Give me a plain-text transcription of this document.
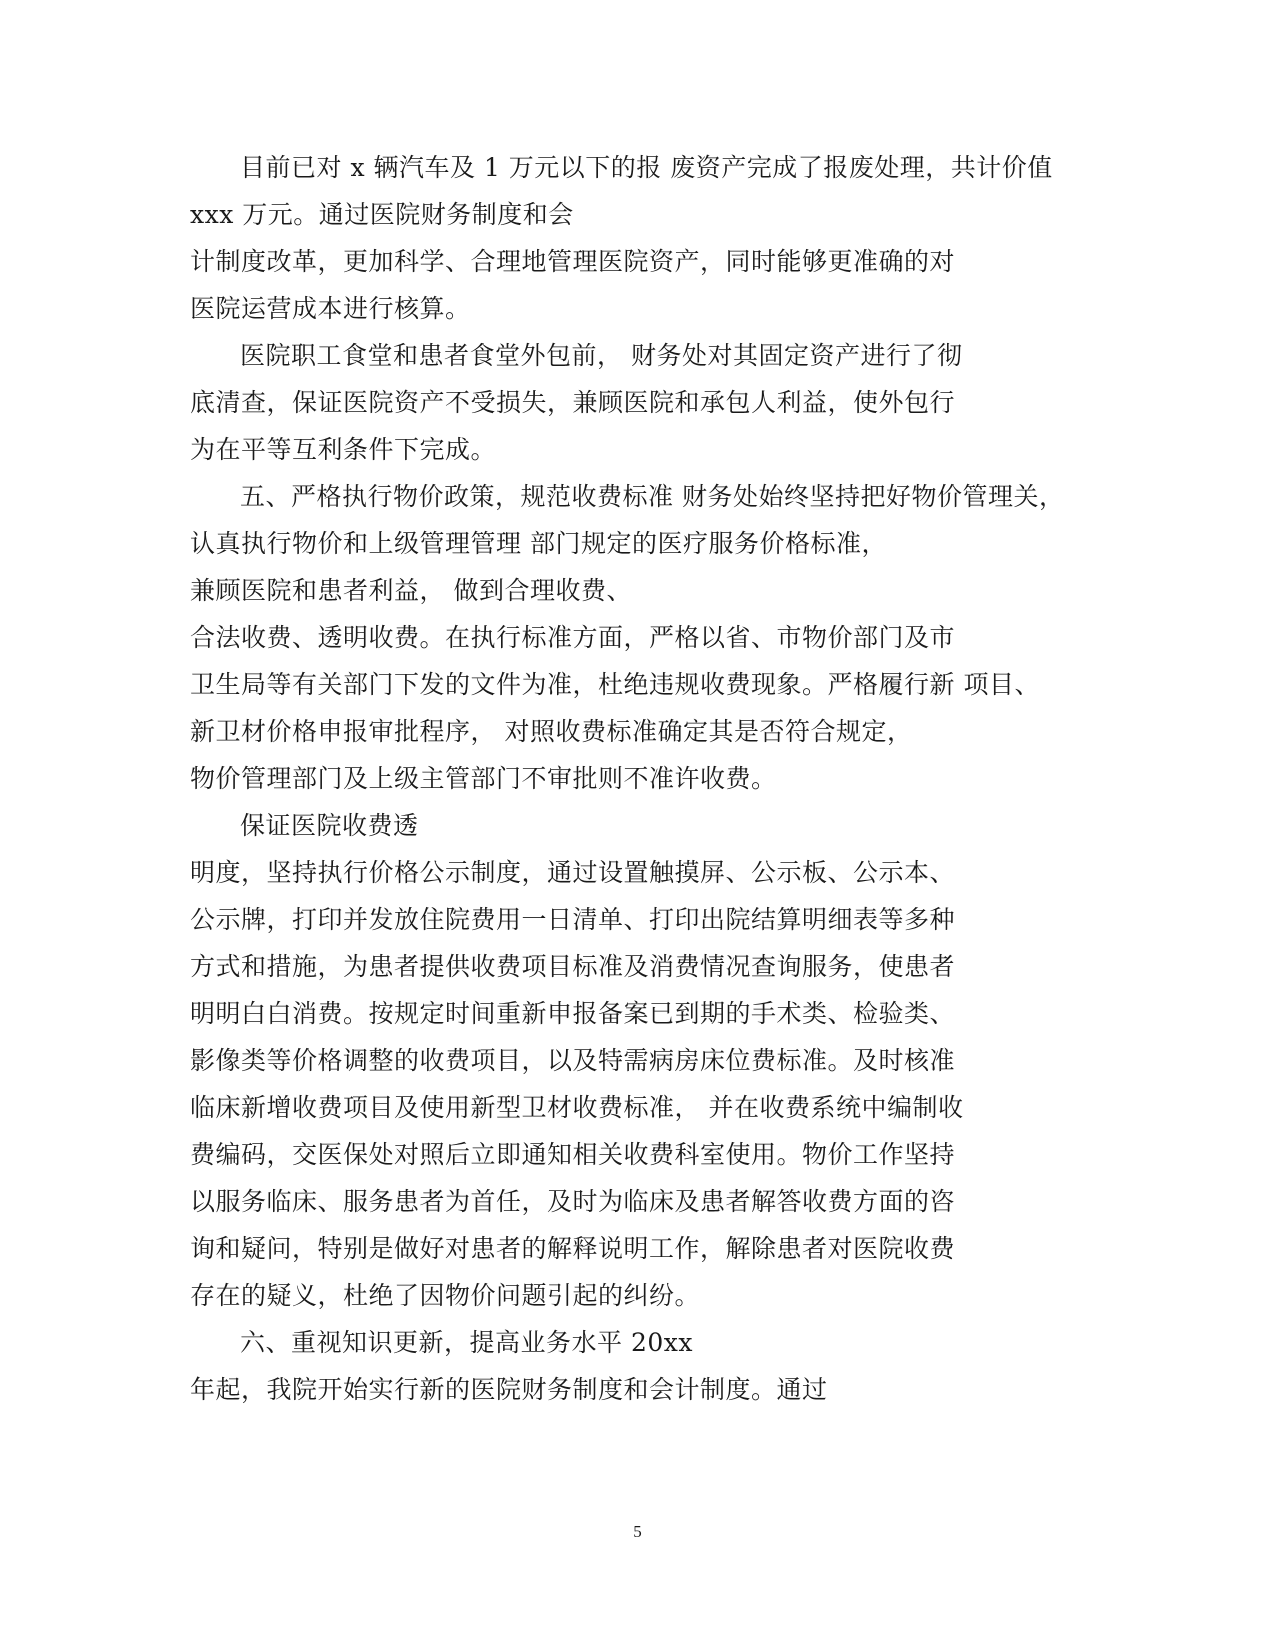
目前已对 x 辆汽车及 1 万元以下的报 废资产完成了报废处理，共计价值
xxx 万元。通过医院财务制度和会
计制度改革，更加科学、合理地管理医院资产，同时能够更准确的对
医院运营成本进行核算。
医院职工食堂和患者食堂外包前， 财务处对其固定资产进行了彻
底清查，保证医院资产不受损失，兼顾医院和承包人利益，使外包行
为在平等互利条件下完成。
五、严格执行物价政策，规范收费标准 财务处始终坚持把好物价管理关，
认真执行物价和上级管理管理 部门规定的医疗服务价格标准，
兼顾医院和患者利益， 做到合理收费、
合法收费、透明收费。在执行标准方面，严格以省、市物价部门及市
卫生局等有关部门下发的文件为准，杜绝违规收费现象。严格履行新 项目、
新卫材价格申报审批程序， 对照收费标准确定其是否符合规定，
物价管理部门及上级主管部门不审批则不准许收费。
保证医院收费透
明度，坚持执行价格公示制度，通过设置触摸屏、公示板、公示本、
公示牌，打印并发放住院费用一日清单、打印出院结算明细表等多种
方式和措施，为患者提供收费项目标准及消费情况查询服务，使患者
明明白白消费。按规定时间重新申报备案已到期的手术类、检验类、
影像类等价格调整的收费项目，以及特需病房床位费标准。及时核准
临床新增收费项目及使用新型卫材收费标准， 并在收费系统中编制收
费编码，交医保处对照后立即通知相关收费科室使用。物价工作坚持
以服务临床、服务患者为首任，及时为临床及患者解答收费方面的咨
询和疑问，特别是做好对患者的解释说明工作，解除患者对医院收费
存在的疑义，杜绝了因物价问题引起的纠纷。
六、重视知识更新，提高业务水平 20xx
年起，我院开始实行新的医院财务制度和会计制度。通过
5
